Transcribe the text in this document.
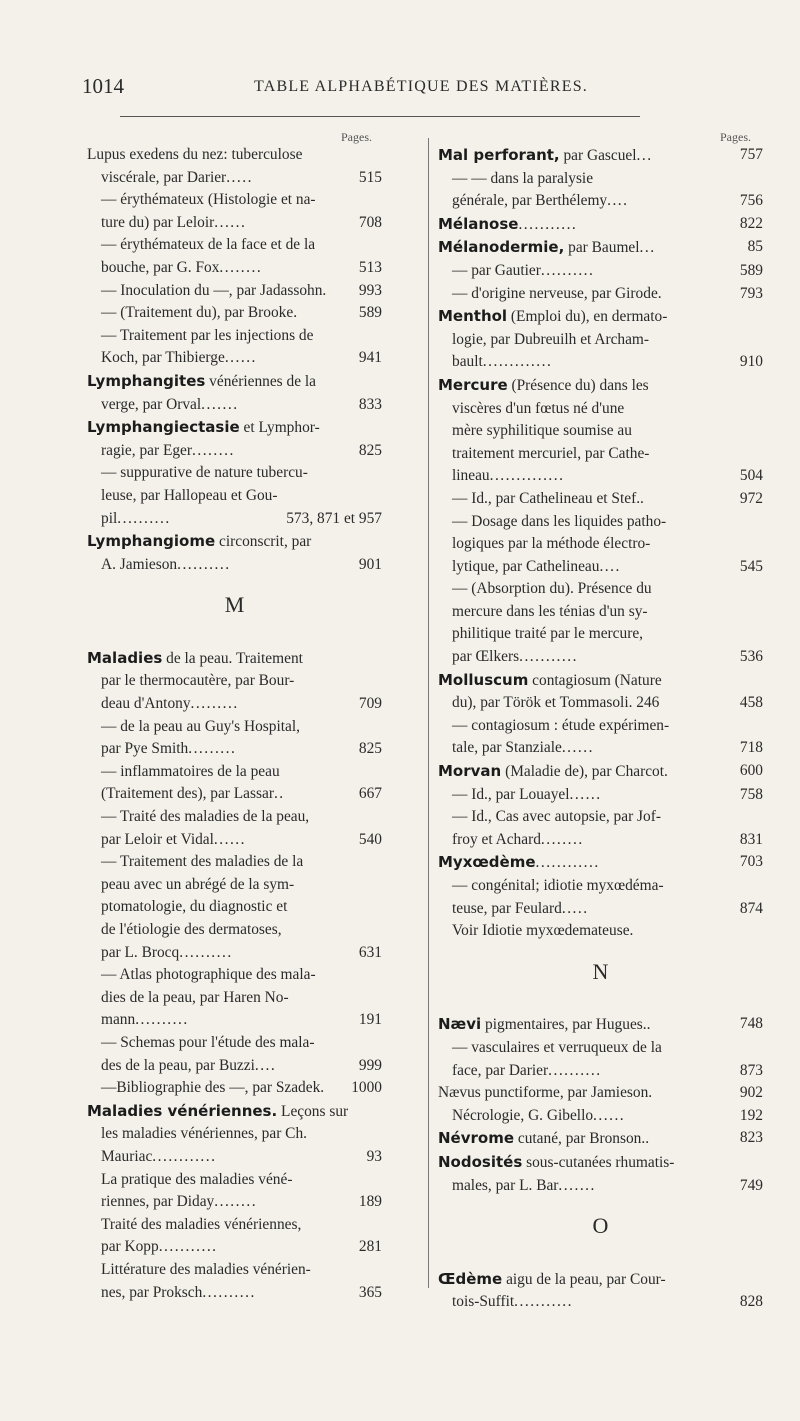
1014	TABLE ALPHABÉTIQUE DES MATIÈRES.
Pages.
Lupus exedens du nez: tuberculose
515
viscérale, par Darier.....
— érythémateux (Histologie et na-
708
ture du) par Leloir......
— érythémateux de la face et de la
513
bouche, par G. Fox........
993
— Inoculation du —, par Jadassohn.
589
— (Traitement du), par Brooke.
— Traitement par les injections de
941
Koch, par Thibierge......
Lymphangites vénériennes de la
833
verge, par Orval.......
Lymphangiectasie et Lymphor-
825
ragie, par Eger........
— suppurative de nature tubercu-
leuse, par Hallopeau et Gou-
573, 871 et 957
pil..........
Lymphangiome circonscrit, par
901
A. Jamieson..........
M
Maladies de la peau. Traitement
par le thermocautère, par Bour-
709
deau d'Antony.........
— de la peau au Guy's Hospital,
825
par Pye Smith.........
— inflammatoires de la peau
667
(Traitement des), par Lassar..
— Traité des maladies de la peau,
540
par Leloir et Vidal......
— Traitement des maladies de la
peau avec un abrégé de la sym-
ptomatologie, du diagnostic et
de l'étiologie des dermatoses,
631
par L. Brocq..........
— Atlas photographique des mala-
dies de la peau, par Haren No-
191
mann..........
— Schemas pour l'étude des mala-
999
des de la peau, par Buzzi....
1000
—Bibliographie des —, par Szadek.
Maladies vénériennes. Leçons sur
les maladies vénériennes, par Ch.
93
Mauriac............
La pratique des maladies véné-
189
riennes, par Diday........
Traité des maladies vénériennes,
281
par Kopp...........
Littérature des maladies vénérien-
365
nes, par Proksch..........
Pages.
757
Mal perforant, par Gascuel...
— — dans la paralysie
756
générale, par Berthélemy....
822
Mélanose...........
85
Mélanodermie, par Baumel...
589
— par Gautier..........
793
— d'origine nerveuse, par Girode.
Menthol (Emploi du), en dermato-
logie, par Dubreuilh et Archam-
910
bault.............
Mercure (Présence du) dans les
viscères d'un fœtus né d'une
mère syphilitique soumise au
traitement mercuriel, par Cathe-
504
lineau..............
972
— Id., par Cathelineau et Stef..
— Dosage dans les liquides patho-
logiques par la méthode électro-
545
lytique, par Cathelineau....
— (Absorption du). Présence du
mercure dans les ténias d'un sy-
philitique traité par le mercure,
536
par Œlkers...........
Molluscum contagiosum (Nature
458
du), par Török et Tommasoli. 246
— contagiosum : étude expérimen-
718
tale, par Stanziale......
600
Morvan (Maladie de), par Charcot.
758
— Id., par Louayel......
— Id., Cas avec autopsie, par Jof-
831
froy et Achard........
703
Myxœdème............
— congénital; idiotie myxœdéma-
874
teuse, par Feulard.....
Voir Idiotie myxœdemateuse.
N
748
Nævi pigmentaires, par Hugues..
— vasculaires et verruqueux de la
873
face, par Darier..........
902
Nævus punctiforme, par Jamieson.
192
Nécrologie, G. Gibello......
823
Névrome cutané, par Bronson..
Nodosités sous-cutanées rhumatis-
749
males, par L. Bar.......
O
Œdème aigu de la peau, par Cour-
828
tois-Suffit...........
